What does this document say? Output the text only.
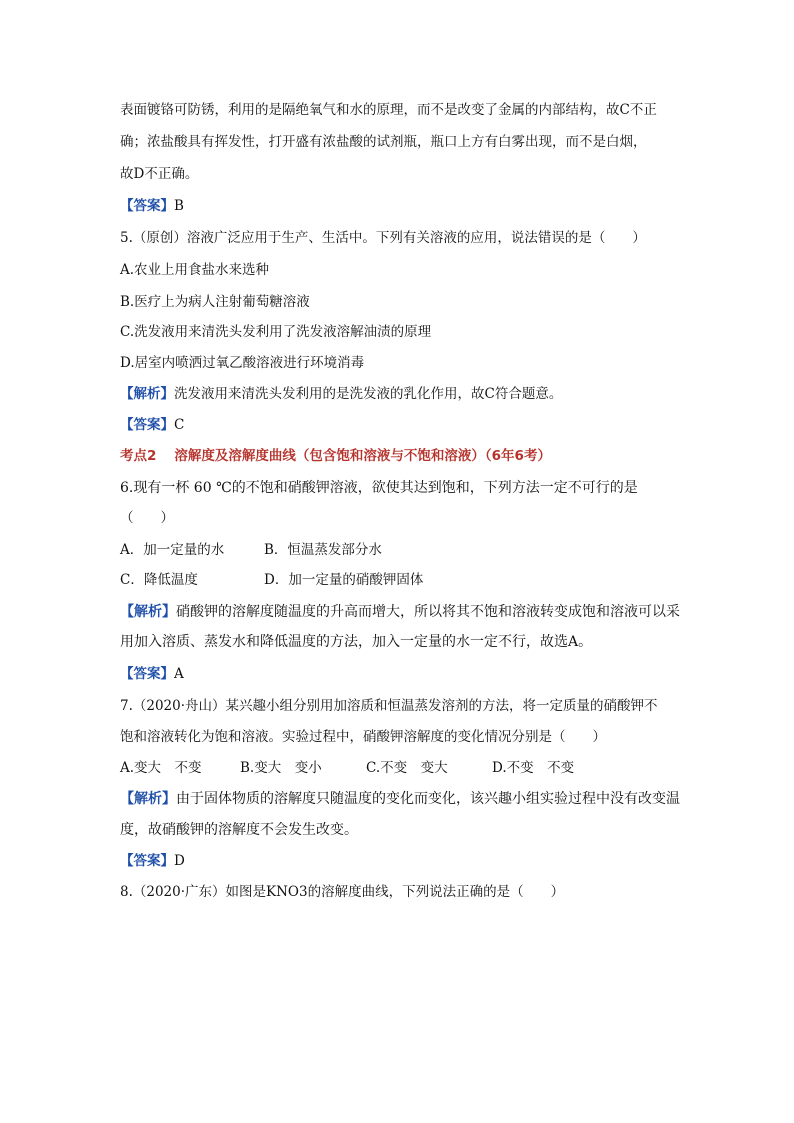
表面镀铬可防锈，利用的是隔绝氧气和水的原理，而不是改变了金属的内部结构，故C不正
确；浓盐酸具有挥发性，打开盛有浓盐酸的试剂瓶，瓶口上方有白雾出现，而不是白烟，
故D不正确。
【答案】B
5.（原创）溶液广泛应用于生产、生活中。下列有关溶液的应用，说法错误的是（　　）
A.农业上用食盐水来选种
B.医疗上为病人注射葡萄糖溶液
C.洗发液用来清洗头发利用了洗发液溶解油渍的原理
D.居室内喷洒过氧乙酸溶液进行环境消毒
【解析】洗发液用来清洗头发利用的是洗发液的乳化作用，故C符合题意。
【答案】C
考点2 溶解度及溶解度曲线（包含饱和溶液与不饱和溶液）（6年6考）
6.现有一杯 60 ℃的不饱和硝酸钾溶液，欲使其达到饱和，下列方法一定不可行的是
（　　）
A．加一定量的水	B．恒温蒸发部分水
C．降低温度	D．加一定量的硝酸钾固体
【解析】硝酸钾的溶解度随温度的升高而增大，所以将其不饱和溶液转变成饱和溶液可以采
用加入溶质、蒸发水和降低温度的方法，加入一定量的水一定不行，故选A。
【答案】A
7.（2020·舟山）某兴趣小组分别用加溶质和恒温蒸发溶剂的方法，将一定质量的硝酸钾不
饱和溶液转化为饱和溶液。实验过程中，硝酸钾溶解度的变化情况分别是（　　）
A.变大　不变	B.变大　变小	C.不变　变大	D.不变　不变
【解析】由于固体物质的溶解度只随温度的变化而变化，该兴趣小组实验过程中没有改变温
度，故硝酸钾的溶解度不会发生改变。
【答案】D
8.（2020·广东）如图是KNO3的溶解度曲线，下列说法正确的是（　　）
